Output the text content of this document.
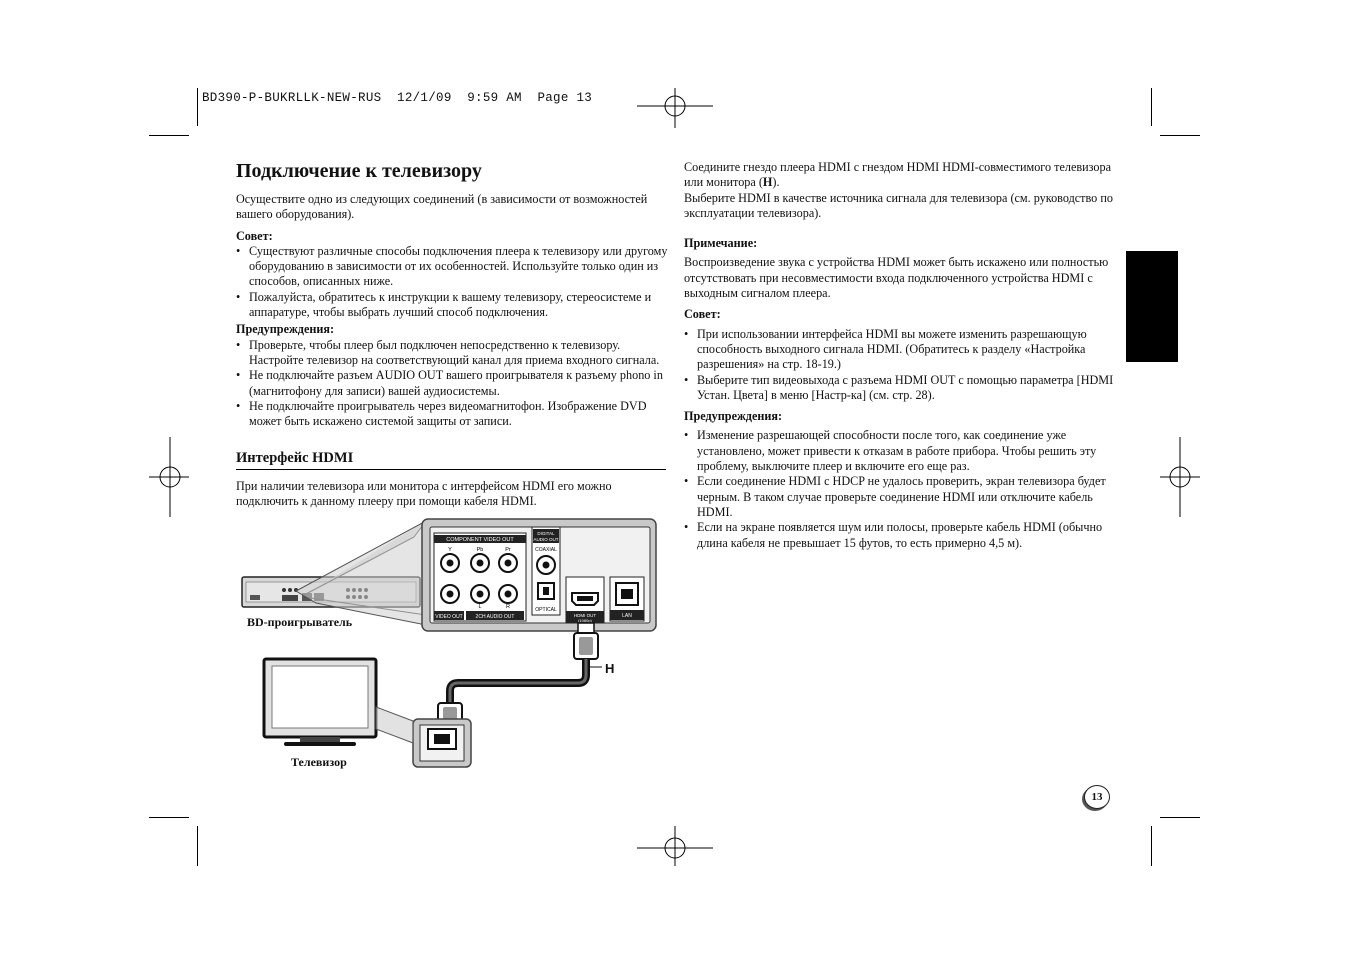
BD390-P-BUKRLLK-NEW-RUS  12/1/09  9:59 AM  Page 13
Подключение к телевизору

Осуществите одно из следующих соединений (в зависимости от возможностей вашего оборудования).

Совет:

• Существуют различные способы подключения плеера к телевизору или другому оборудованию в зависимости от их особенностей. Используйте только один из способов, описанных ниже.
• Пожалуйста, обратитесь к инструкции к вашему телевизору, стереосистеме и аппаратуре, чтобы выбрать лучший способ подключения.

Предупреждения:

• Проверьте, чтобы плеер был подключен непосредственно к телевизору. Настройте телевизор на соответствующий канал для приема входного сигнала.
• Не подключайте разъем AUDIO OUT вашего проигрывателя к разъему phono in (магнитофону для записи) вашей аудиосистемы.
• Не подключайте проигрыватель через видеомагнитофон. Изображение DVD может быть искажено системой защиты от записи.
Интерфейс HDMI

При наличии телевизора или монитора с интерфейсом HDMI его можно подключить к данному плееру при помощи кабеля HDMI.

COMPONENT VIDEO OUT
Y	Pb	Pr
L	R
VIDEO OUT	2CH AUDIO OUT
DIGITAL
AUDIO OUT
COAXIAL
OPTICAL
HDMI OUT
(1080p)
LAN
BD-проигрыватель
Телевизор
H

Соедините гнездо плеера HDMI с гнездом HDMI HDMI-совместимого телевизора или монитора (H).

Выберите HDMI в качестве источника сигнала для телевизора (см. руководство по эксплуатации телевизора).

Примечание:

Воспроизведение звука с устройства HDMI может быть искажено или полностью отсутствовать при несовместимости входа подключенного устройства HDMI с выходным сигналом плеера.

Совет:

• При использовании интерфейса HDMI вы можете изменить разрешающую способность выходного сигнала HDMI. (Обратитесь к разделу «Настройка разрешения» на стр. 18-19.)
• Выберите тип видеовыхода с разъема HDMI OUT с помощью параметра [HDMI Устан. Цвета] в меню [Настр-ка] (см. стр. 28).

Предупреждения:

• Изменение разрешающей способности после того, как соединение уже установлено, может привести к отказам в работе прибора. Чтобы решить эту проблему, выключите плеер и включите его еще раз.
• Если соединение HDMI с HDCP не удалось проверить, экран телевизора будет черным. В таком случае проверьте соединение HDMI или отключите кабель HDMI.
• Если на экране появляется шум или полосы, проверьте кабель HDMI (обычно длина кабеля не превышает 15 футов, то есть примерно 4,5 м).
13
